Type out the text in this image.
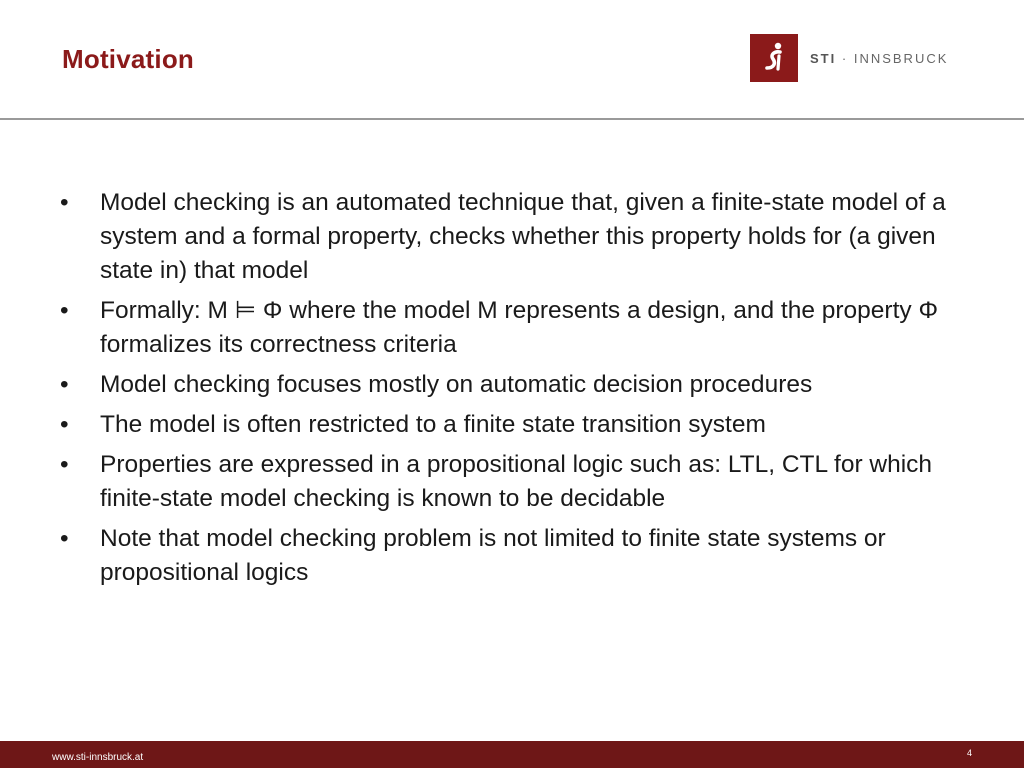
Motivation	STI · INNSBRUCK
• Model checking is an automated technique that, given a finite-state model of a system and a formal property, checks whether this property holds for (a given state in) that model
• Formally: M ⊨ Φ where the model M represents a design, and the property Φ formalizes its correctness criteria
• Model checking focuses mostly on automatic decision procedures
• The model is often restricted to a finite state transition system
• Properties are expressed in a propositional logic such as: LTL, CTL for which finite-state model checking is known to be decidable
• Note that model checking problem is not limited to finite state systems or propositional logics
www.sti-innsbruck.at	4
